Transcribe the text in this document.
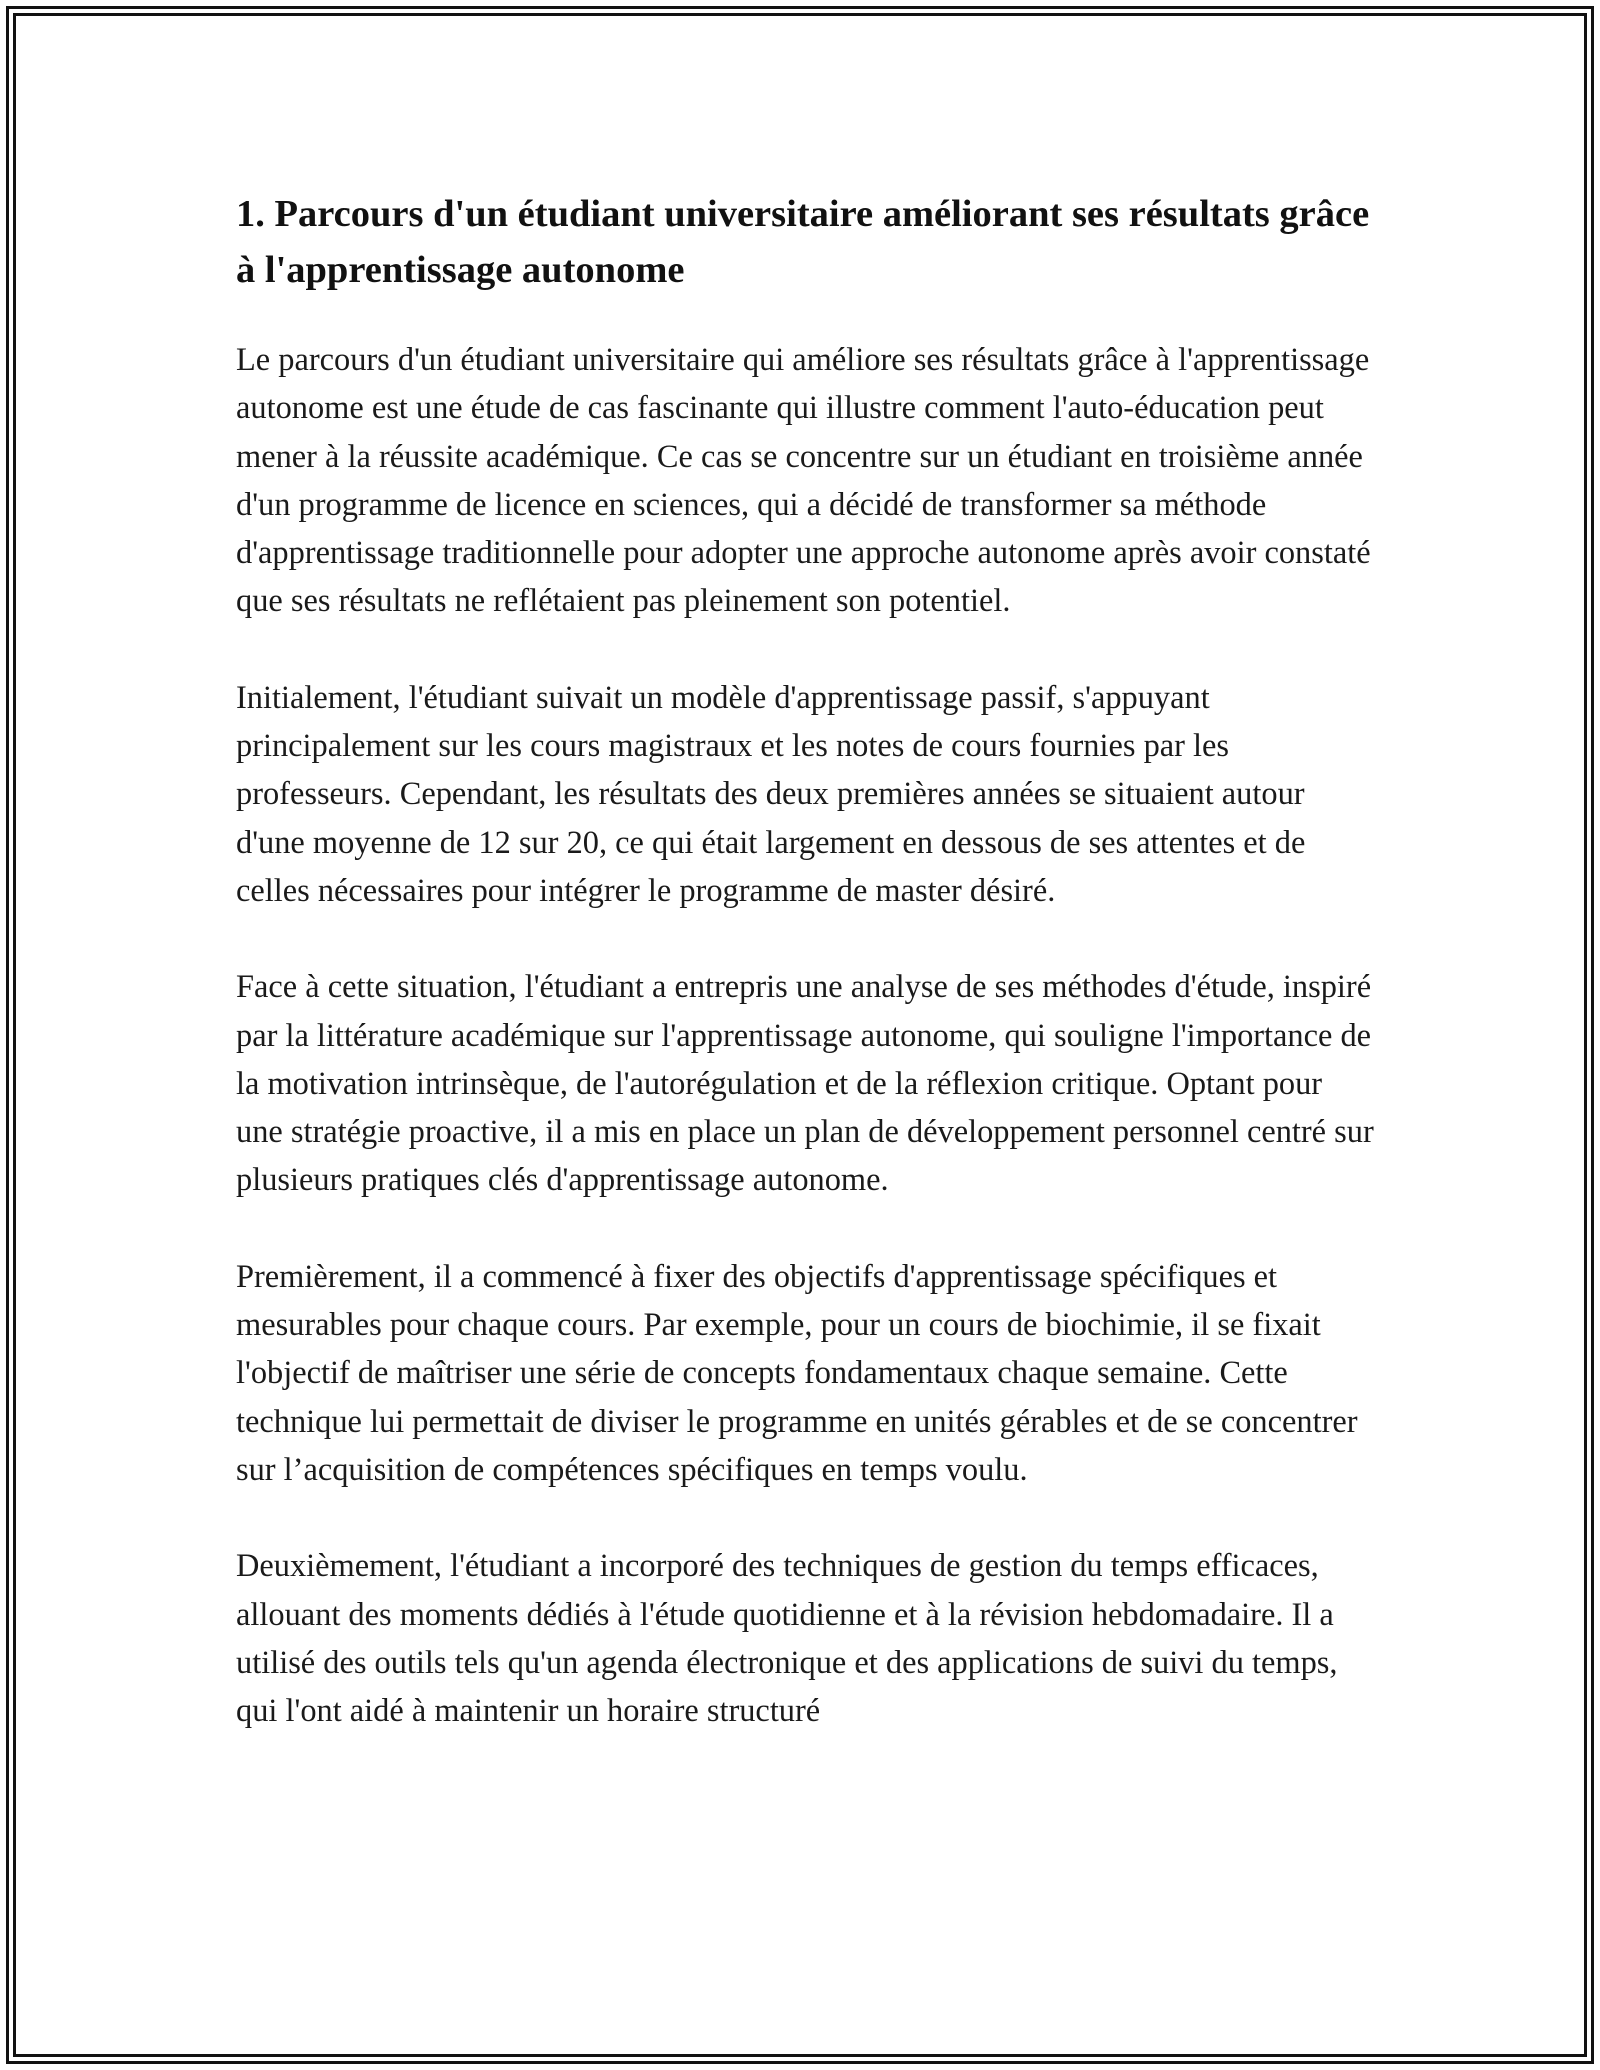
1. Parcours d'un étudiant universitaire améliorant ses résultats grâce à l'apprentissage autonome

Le parcours d'un étudiant universitaire qui améliore ses résultats grâce à l'apprentissage autonome est une étude de cas fascinante qui illustre comment l'auto-éducation peut mener à la réussite académique. Ce cas se concentre sur un étudiant en troisième année d'un programme de licence en sciences, qui a décidé de transformer sa méthode d'apprentissage traditionnelle pour adopter une approche autonome après avoir constaté que ses résultats ne reflétaient pas pleinement son potentiel.

Initialement, l'étudiant suivait un modèle d'apprentissage passif, s'appuyant principalement sur les cours magistraux et les notes de cours fournies par les professeurs. Cependant, les résultats des deux premières années se situaient autour d'une moyenne de 12 sur 20, ce qui était largement en dessous de ses attentes et de celles nécessaires pour intégrer le programme de master désiré.

Face à cette situation, l'étudiant a entrepris une analyse de ses méthodes d'étude, inspiré par la littérature académique sur l'apprentissage autonome, qui souligne l'importance de la motivation intrinsèque, de l'autorégulation et de la réflexion critique. Optant pour une stratégie proactive, il a mis en place un plan de développement personnel centré sur plusieurs pratiques clés d'apprentissage autonome.

Premièrement, il a commencé à fixer des objectifs d'apprentissage spécifiques et mesurables pour chaque cours. Par exemple, pour un cours de biochimie, il se fixait l'objectif de maîtriser une série de concepts fondamentaux chaque semaine. Cette technique lui permettait de diviser le programme en unités gérables et de se concentrer sur l’acquisition de compétences spécifiques en temps voulu.

Deuxièmement, l'étudiant a incorporé des techniques de gestion du temps efficaces, allouant des moments dédiés à l'étude quotidienne et à la révision hebdomadaire. Il a utilisé des outils tels qu'un agenda électronique et des applications de suivi du temps, qui l'ont aidé à maintenir un horaire structuré
